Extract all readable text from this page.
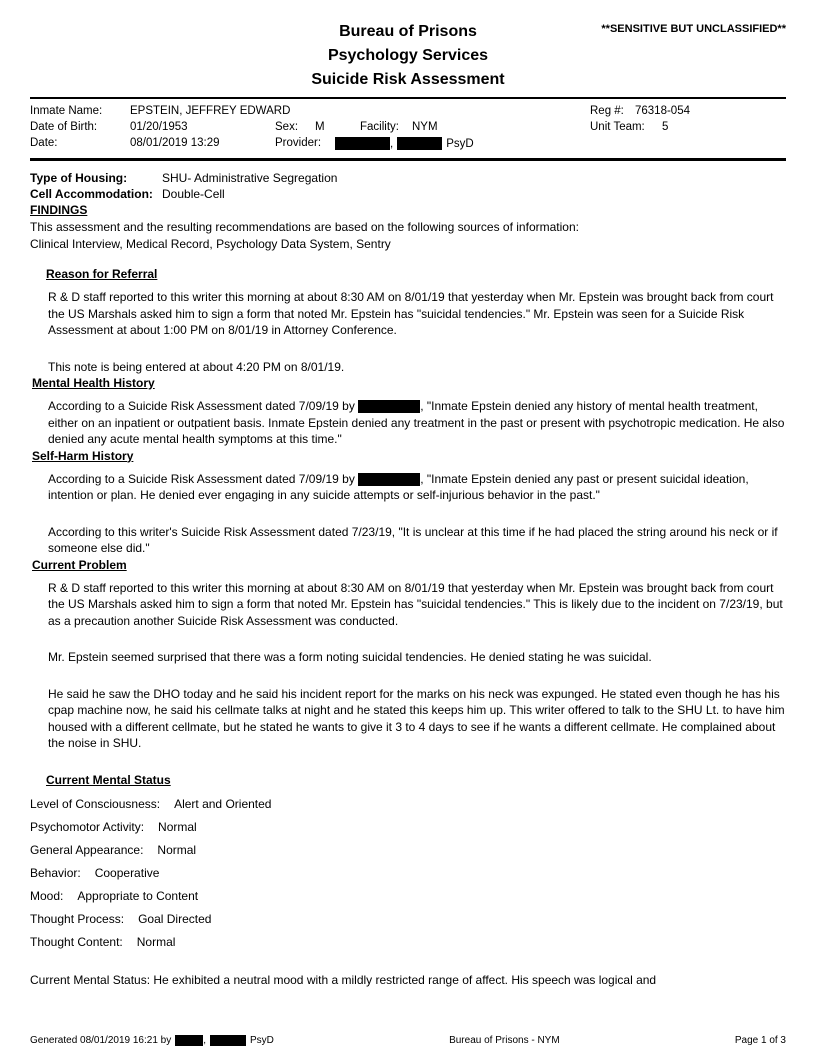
Bureau of Prisons
Psychology Services
Suicide Risk Assessment
**SENSITIVE BUT UNCLASSIFIED**
Inmate Name: EPSTEIN, JEFFREY EDWARD	Reg #: 76318-054
Date of Birth:	01/20/1953	Sex: M	Facility: NYM	Unit Team: 5
Date:	08/01/2019 13:29	Provider:	,	PsyD
Type of Housing:	SHU- Administrative Segregation
Cell Accommodation: Double-Cell
FINDINGS
This assessment and the resulting recommendations are based on the following sources of information:
Clinical Interview, Medical Record, Psychology Data System, Sentry
Reason for Referral

R & D staff reported to this writer this morning at about 8:30 AM on 8/01/19 that yesterday when Mr. Epstein was brought back from court the US Marshals asked him to sign a form that noted Mr. Epstein has "suicidal tendencies." Mr. Epstein was seen for a Suicide Risk Assessment at about 1:00 PM on 8/01/19 in Attorney Conference.

This note is being entered at about 4:20 PM on 8/01/19.

Mental Health History

According to a Suicide Risk Assessment dated 7/09/19 by	, "Inmate Epstein denied any history of mental health treatment, either on an inpatient or outpatient basis. Inmate Epstein denied any treatment in the past or present with psychotropic medication. He also denied any acute mental health symptoms at this time."

Self-Harm History

According to a Suicide Risk Assessment dated 7/09/19 by	, "Inmate Epstein denied any past or present suicidal ideation, intention or plan. He denied ever engaging in any suicide attempts or self-injurious behavior in the past."

According to this writer's Suicide Risk Assessment dated 7/23/19, "It is unclear at this time if he had placed the string around his neck or if someone else did."

Current Problem

R & D staff reported to this writer this morning at about 8:30 AM on 8/01/19 that yesterday when Mr. Epstein was brought back from court the US Marshals asked him to sign a form that noted Mr. Epstein has "suicidal tendencies." This is likely due to the incident on 7/23/19, but as a precaution another Suicide Risk Assessment was conducted.

Mr. Epstein seemed surprised that there was a form noting suicidal tendencies. He denied stating he was suicidal.

He said he saw the DHO today and he said his incident report for the marks on his neck was expunged. He stated even though he has his cpap machine now, he said his cellmate talks at night and he stated this keeps him up. This writer offered to talk to the SHU Lt. to have him housed with a different cellmate, but he stated he wants to give it 3 to 4 days to see if he wants a different cellmate. He complained about the noise in SHU.

Current Mental Status
Level of Consciousness: Alert and Oriented
Psychomotor Activity: Normal
General Appearance: Normal
Behavior: Cooperative
Mood: Appropriate to Content
Thought Process: Goal Directed
Thought Content: Normal
Current Mental Status: He exhibited a neutral mood with a mildly restricted range of affect. His speech was logical and
Generated 08/01/2019 16:21 by	,	PsyD	Bureau of Prisons - NYM	Page 1 of 3
